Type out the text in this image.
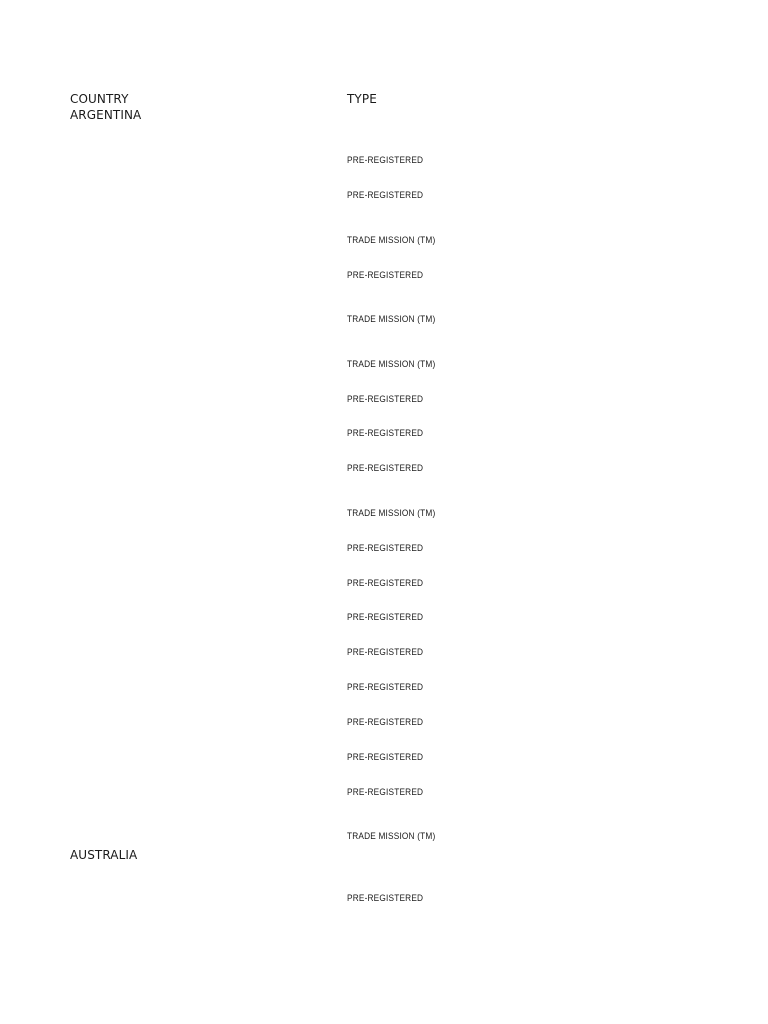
COUNTRY	TYPE
ARGENTINA
AUSTRALIA
PRE-REGISTERED
PRE-REGISTERED
TRADE MISSION (TM)
PRE-REGISTERED
TRADE MISSION (TM)
TRADE MISSION (TM)
PRE-REGISTERED
PRE-REGISTERED
PRE-REGISTERED
TRADE MISSION (TM)
PRE-REGISTERED
PRE-REGISTERED
PRE-REGISTERED
PRE-REGISTERED
PRE-REGISTERED
PRE-REGISTERED
PRE-REGISTERED
PRE-REGISTERED
TRADE MISSION (TM)
PRE-REGISTERED
